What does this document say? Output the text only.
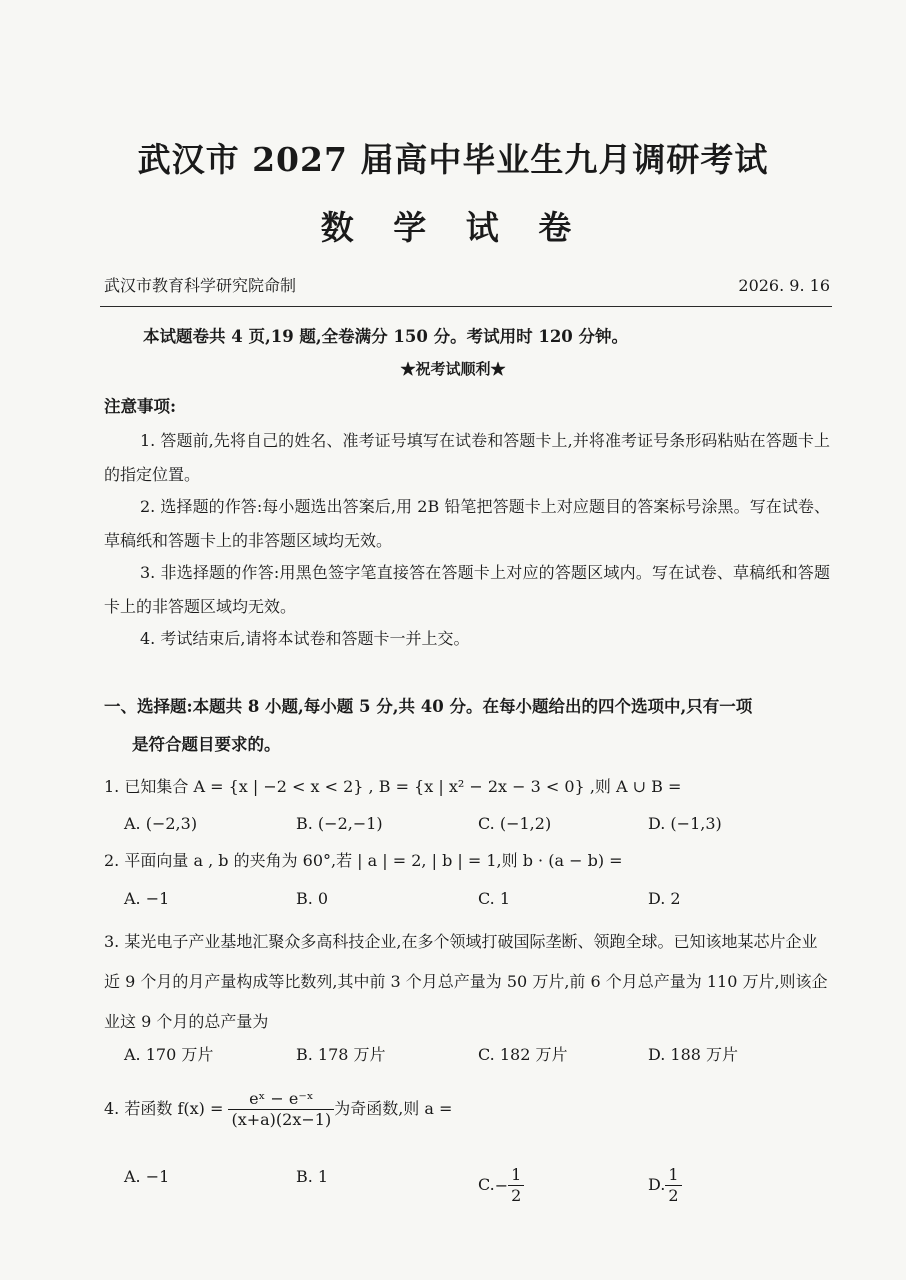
武汉市 2027 届高中毕业生九月调研考试
数 学 试 卷
武汉市教育科学研究院命制	2026. 9. 16
本试题卷共 4 页,19 题,全卷满分 150 分。考试用时 120 分钟。
★祝考试顺利★
注意事项:
1. 答题前,先将自己的姓名、准考证号填写在试卷和答题卡上,并将准考证号条形码粘贴在答题卡上的指定位置。
2. 选择题的作答:每小题选出答案后,用 2B 铅笔把答题卡上对应题目的答案标号涂黑。写在试卷、草稿纸和答题卡上的非答题区域均无效。
3. 非选择题的作答:用黑色签字笔直接答在答题卡上对应的答题区域内。写在试卷、草稿纸和答题卡上的非答题区域均无效。
4. 考试结束后,请将本试卷和答题卡一并上交。
一、选择题:本题共 8 小题,每小题 5 分,共 40 分。在每小题给出的四个选项中,只有一项
是符合题目要求的。
1. 已知集合 A = {x | −2 < x < 2} , B = {x | x² − 2x − 3 < 0} ,则 A ∪ B =
A. (−2,3)	B. (−2,−1)	C. (−1,2)	D. (−1,3)
2. 平面向量 a , b 的夹角为 60°,若 | a | = 2, | b | = 1,则 b · (a − b) =
A. −1	B. 0	C. 1	D. 2
3. 某光电子产业基地汇聚众多高科技企业,在多个领域打破国际垄断、领跑全球。已知该地某芯片企业近 9 个月的月产量构成等比数列,其中前 3 个月总产量为 50 万片,前 6 个月总产量为 110 万片,则该企业这 9 个月的总产量为
A. 170 万片	B. 178 万片	C. 182 万片	D. 188 万片
4. 若函数 $f(x) = \frac{\text{eˣ − e⁻ˣ}}{(x+a)(2x-1)}$ 为奇函数,则 a =
A. −1	B. 1	$C.- \frac{1}{2}$	D. $\frac{1}{2}$
